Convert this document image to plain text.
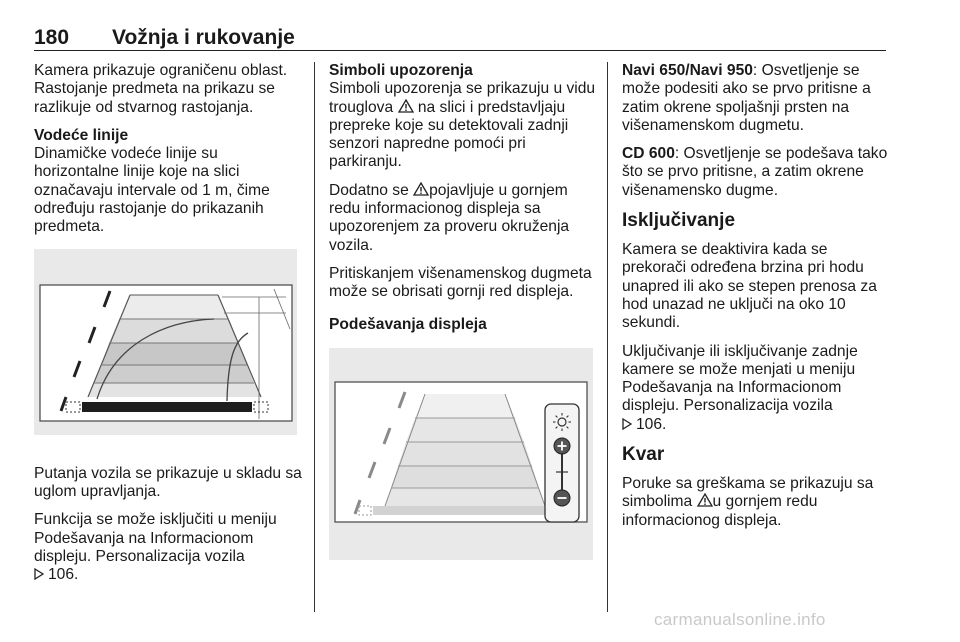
180 Vožnja i rukovanje

Kamera prikazuje ograničenu oblast. Rastojanje predmeta na prikazu se razlikuje od stvarnog rastojanja.

Vodeće linije
Dinamičke vodeće linije su horizontalne linije koje na slici označavaju intervale od 1 m, čime određuju rastojanje do prikazanih predmeta.

Putanja vozila se prikazuje u skladu sa uglom upravljanja.

Funkcija se može isključiti u meniju Podešavanja na Informacionom displeju. Personalizacija vozila
106.

Simboli upozorenja
Simboli upozorenja se prikazuju u vidu trouglova na slici i predstavljaju prepreke koje su detektovali zadnji senzori napredne pomoći pri parkiranju.

Dodatno se pojavljuje u gornjem redu informacionog displeja sa upozorenjem za proveru okruženja vozila.

Pritiskanjem višenamenskog dugmeta može se obrisati gornji red displeja.

Podešavanja displeja

Navi 650/Navi 950: Osvetljenje se može podesiti ako se prvo pritisne a zatim okrene spoljašnji prsten na višenamenskom dugmetu.

CD 600: Osvetljenje se podešava tako što se prvo pritisne, a zatim okrene višenamensko dugme.

Isključivanje

Kamera se deaktivira kada se prekorači određena brzina pri hodu unapred ili ako se stepen prenosa za hod unazad ne uključi na oko 10 sekundi.

Uključivanje ili isključivanje zadnje kamere se može menjati u meniju Podešavanja na Informacionom displeju. Personalizacija vozila
106.

Kvar

Poruke sa greškama se prikazuju sa simbolima u gornjem redu informacionog displeja.

carmanualsonline.info
